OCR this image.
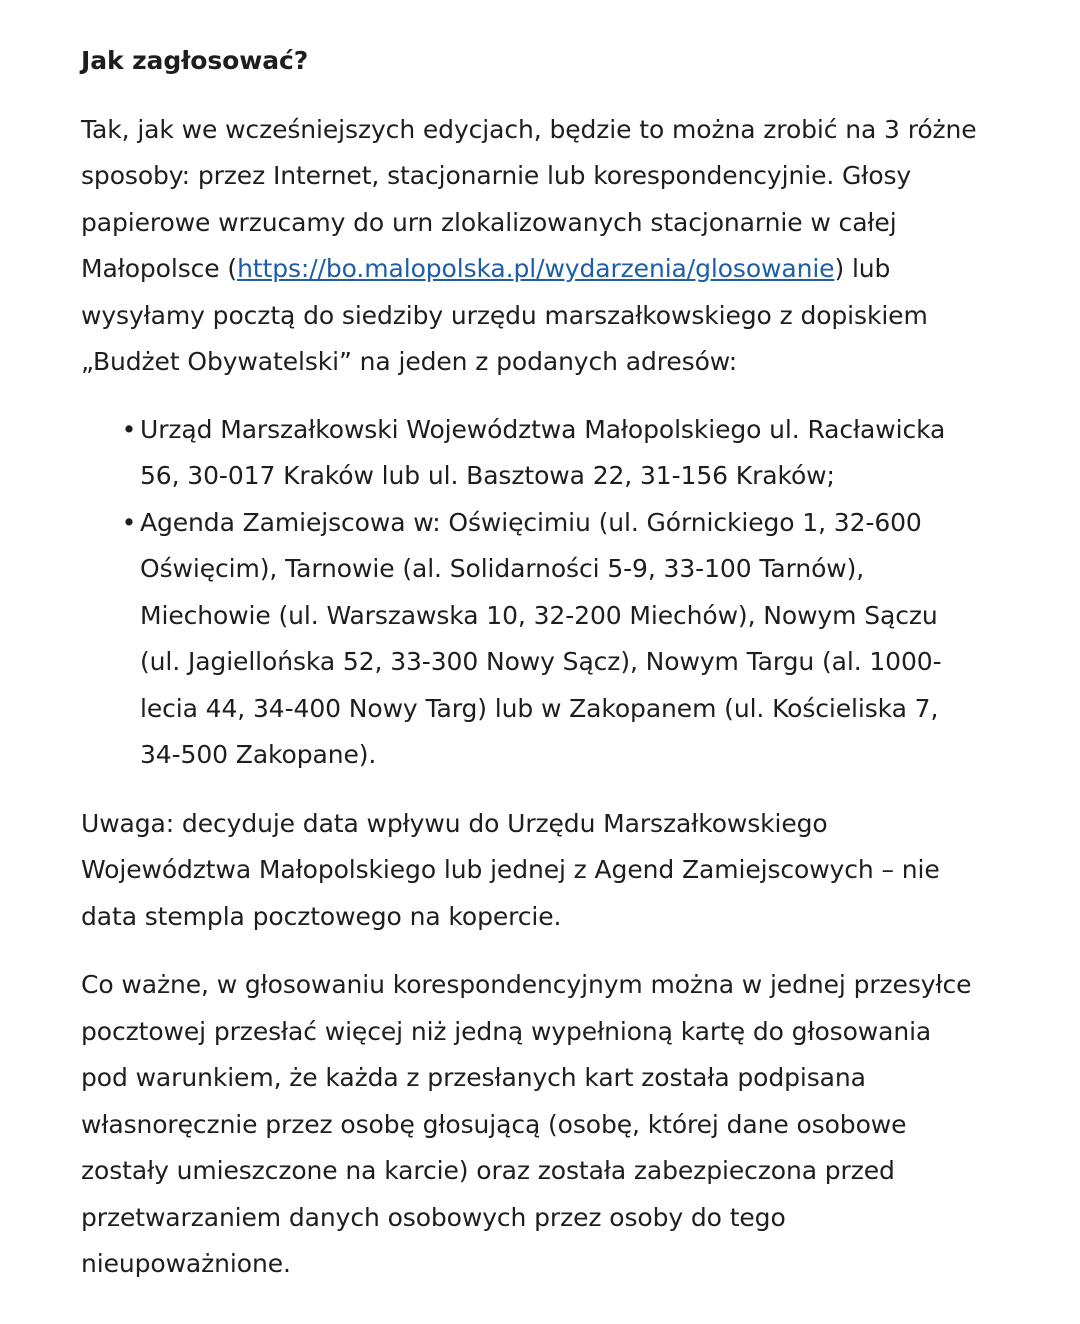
Jak zagłosować?
Tak, jak we wcześniejszych edycjach, będzie to można zrobić na 3 różne
sposoby: przez Internet, stacjonarnie lub korespondencyjnie. Głosy
papierowe wrzucamy do urn zlokalizowanych stacjonarnie w całej
Małopolsce (https://bo.malopolska.pl/wydarzenia/glosowanie) lub
wysyłamy pocztą do siedziby urzędu marszałkowskiego z dopiskiem
„Budżet Obywatelski” na jeden z podanych adresów:
• Urząd Marszałkowski Województwa Małopolskiego ul. Racławicka
56, 30-017 Kraków lub ul. Basztowa 22, 31-156 Kraków;
• Agenda Zamiejscowa w: Oświęcimiu (ul. Górnickiego 1, 32-600
Oświęcim), Tarnowie (al. Solidarności 5-9, 33-100 Tarnów),
Miechowie (ul. Warszawska 10, 32-200 Miechów), Nowym Sączu
(ul. Jagiellońska 52, 33-300 Nowy Sącz), Nowym Targu (al. 1000-
lecia 44, 34-400 Nowy Targ) lub w Zakopanem (ul. Kościeliska 7,
34-500 Zakopane).
Uwaga: decyduje data wpływu do Urzędu Marszałkowskiego
Województwa Małopolskiego lub jednej z Agend Zamiejscowych – nie
data stempla pocztowego na kopercie.
Co ważne, w głosowaniu korespondencyjnym można w jednej przesyłce
pocztowej przesłać więcej niż jedną wypełnioną kartę do głosowania
pod warunkiem, że każda z przesłanych kart została podpisana
własnoręcznie przez osobę głosującą (osobę, której dane osobowe
zostały umieszczone na karcie) oraz została zabezpieczona przed
przetwarzaniem danych osobowych przez osoby do tego
nieupoważnione.
